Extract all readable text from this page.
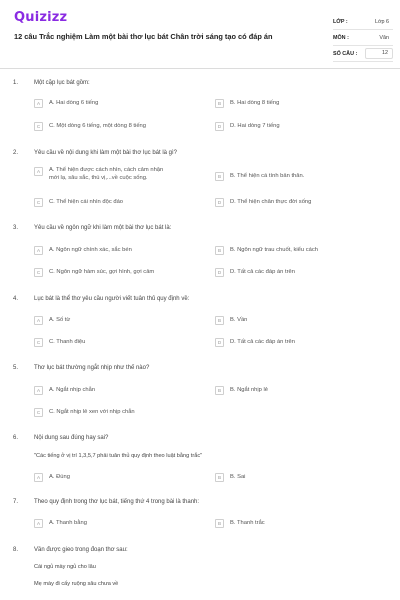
Quizizz
12 câu Trắc nghiệm Làm một bài thơ lục bát Chân trời sáng tạo có đáp án
LỚP :	Lớp 6
MÔN :	Văn
SỐ CÂU :	12
1.	Một cặp lục bát gồm:
A	A. Hai dòng 6 tiếng	B	B. Hai dòng 8 tiếng
C	C. Một dòng 6 tiếng, một dòng 8 tiếng	D	D. Hai dòng 7 tiếng
2.	Yêu cầu về nội dung khi làm một bài thơ lục bát là gì?
A	A. Thể hiện được cách nhìn, cách cảm nhận mới lạ, sâu sắc, thú vị,...về cuộc sống.	B	B. Thể hiện cá tính bản thân.
C	C. Thể hiện cái nhìn độc đáo	D	D. Thể hiện chân thực đời sống
3.	Yêu cầu về ngôn ngữ khi làm một bài thơ lục bát là:
A	A. Ngôn ngữ chính xác, sắc bén	B	B. Ngôn ngữ trau chuốt, kiểu cách
C	C. Ngôn ngữ hàm súc, gợi hình, gợi cảm	D	D. Tất cả các đáp án trên
4.	Lục bát là thể thơ yêu cầu người viết tuân thủ quy định về:
A	A. Số từ	B	B. Vần
C	C. Thanh điệu	D	D. Tất cả các đáp án trên
5.	Thơ lục bát thường ngắt nhịp như thế nào?
A	A. Ngắt nhịp chẵn	B	B. Ngắt nhịp lẻ
C	C. Ngắt nhịp lẻ xen với nhịp chẵn
6.	Nội dung sau đúng hay sai?
"Các tiếng ở vị trí 1,3,5,7 phải tuân thủ quy định theo luật bằng trắc"
A	A. Đúng	B	B. Sai
7.	Theo quy định trong thơ lục bát, tiếng thứ 4 trong bài là thanh:
A	A. Thanh bằng	B	B. Thanh trắc
8.	Vần được gieo trong đoạn thơ sau:
Cái ngủ mày ngủ cho lâu
Mẹ mày đi cấy ruộng sâu chưa về
